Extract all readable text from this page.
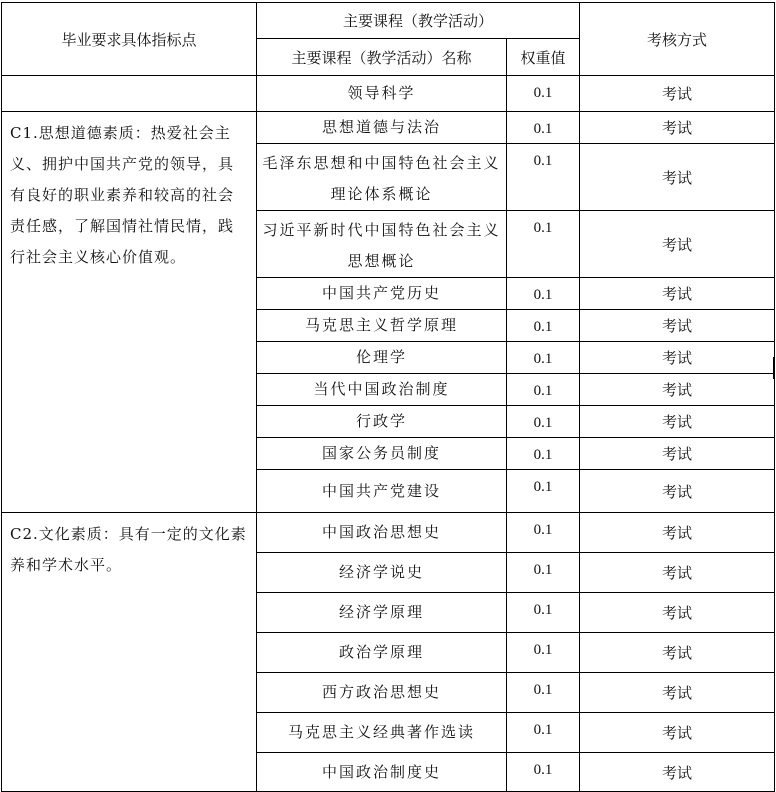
毕业要求具体指标点	主要课程（教学活动）		考核方式
	主要课程（教学活动）名称	权重值	
	领导科学	0.1	考试
C1.思想道德素质：热爱社会主义、拥护中国共产党的领导，具有良好的职业素养和较高的社会责任感，了解国情社情民情，践行社会主义核心价值观。	思想道德与法治	0.1	考试
	毛泽东思想和中国特色社会主义理论体系概论	0.1	考试
	习近平新时代中国特色社会主义思想概论	0.1	考试
	中国共产党历史	0.1	考试
	马克思主义哲学原理	0.1	考试
	伦理学	0.1	考试
	当代中国政治制度	0.1	考试
	行政学	0.1	考试
	国家公务员制度	0.1	考试
	中国共产党建设	0.1	考试
C2.文化素质：具有一定的文化素养和学术水平。	中国政治思想史	0.1	考试
	经济学说史	0.1	考试
	经济学原理	0.1	考试
	政治学原理	0.1	考试
	西方政治思想史	0.1	考试
	马克思主义经典著作选读	0.1	考试
	中国政治制度史	0.1	考试
